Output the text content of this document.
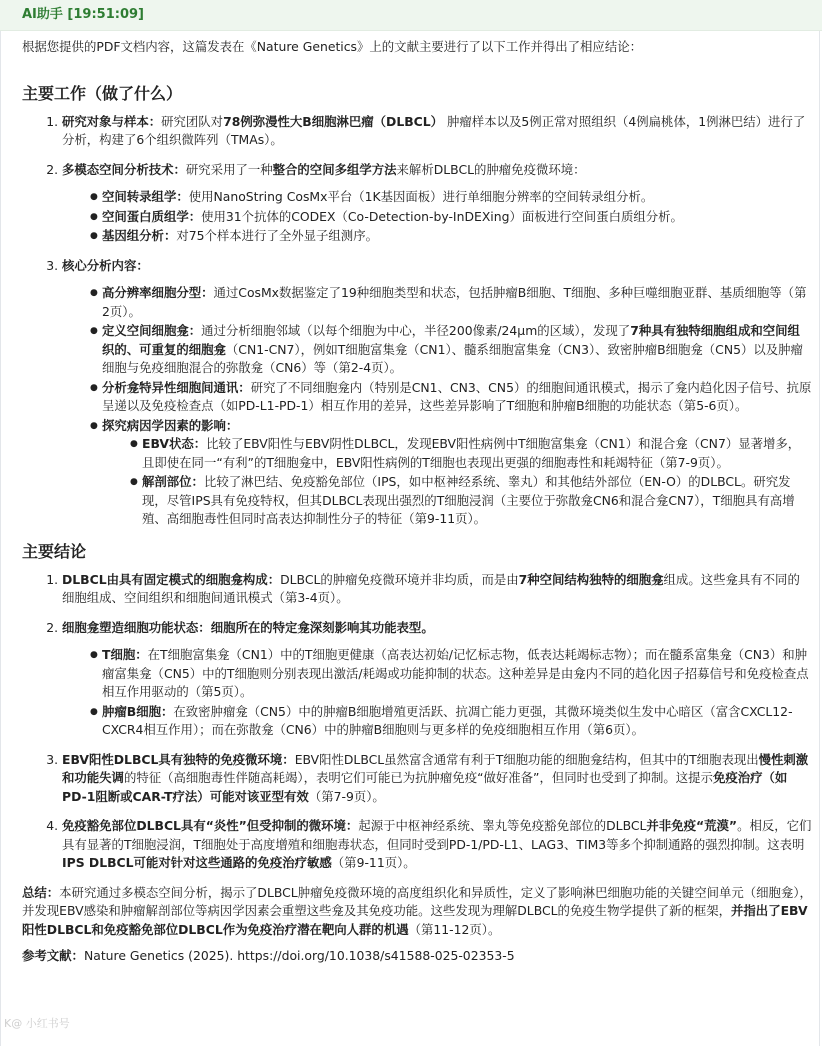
AI助手 [19:51:09]

根据您提供的PDF文档内容，这篇发表在《Nature Genetics》上的文献主要进行了以下工作并得出了相应结论：

主要工作（做了什么）
1. 研究对象与样本：研究团队对78例弥漫性大B细胞淋巴瘤（DLBCL） 肿瘤样本以及5例正常对照组织（4例扁桃体，1例淋巴结）进行了分析，构建了6个组织微阵列（TMAs）。
2. 多模态空间分析技术：研究采用了一种整合的空间多组学方法来解析DLBCL的肿瘤免疫微环境：
● 空间转录组学：使用NanoString CosMx平台（1K基因面板）进行单细胞分辨率的空间转录组分析。
● 空间蛋白质组学：使用31个抗体的CODEX（Co-Detection-by-InDEXing）面板进行空间蛋白质组分析。
● 基因组分析：对75个样本进行了全外显子组测序。
3. 核心分析内容：
● 高分辨率细胞分型：通过CosMx数据鉴定了19种细胞类型和状态，包括肿瘤B细胞、T细胞、多种巨噬细胞亚群、基质细胞等（第2页）。
● 定义空间细胞龛：通过分析细胞邻域（以每个细胞为中心，半径200像素/24μm的区域），发现了7种具有独特细胞组成和空间组织的、可重复的细胞龛（CN1-CN7），例如T细胞富集龛（CN1）、髓系细胞富集龛（CN3）、致密肿瘤B细胞龛（CN5）以及肿瘤细胞与免疫细胞混合的弥散龛（CN6）等（第2-4页）。
● 分析龛特异性细胞间通讯：研究了不同细胞龛内（特别是CN1、CN3、CN5）的细胞间通讯模式，揭示了龛内趋化因子信号、抗原呈递以及免疫检查点（如PD-L1-PD-1）相互作用的差异，这些差异影响了T细胞和肿瘤B细胞的功能状态（第5-6页）。
● 探究病因学因素的影响：
● EBV状态：比较了EBV阳性与EBV阴性DLBCL，发现EBV阳性病例中T细胞富集龛（CN1）和混合龛（CN7）显著增多，且即使在同一“有利”的T细胞龛中，EBV阳性病例的T细胞也表现出更强的细胞毒性和耗竭特征（第7-9页）。
● 解剖部位：比较了淋巴结、免疫豁免部位（IPS，如中枢神经系统、睾丸）和其他结外部位（EN-O）的DLBCL。研究发现，尽管IPS具有免疫特权，但其DLBCL表现出强烈的T细胞浸润（主要位于弥散龛CN6和混合龛CN7），T细胞具有高增殖、高细胞毒性但同时高表达抑制性分子的特征（第9-11页）。
主要结论
1. DLBCL由具有固定模式的细胞龛构成：DLBCL的肿瘤免疫微环境并非均质，而是由7种空间结构独特的细胞龛组成。这些龛具有不同的细胞组成、空间组织和细胞间通讯模式（第3-4页）。
2. 细胞龛塑造细胞功能状态：细胞所在的特定龛深刻影响其功能表型。
● T细胞：在T细胞富集龛（CN1）中的T细胞更健康（高表达初始/记忆标志物，低表达耗竭标志物）；而在髓系富集龛（CN3）和肿瘤富集龛（CN5）中的T细胞则分别表现出激活/耗竭或功能抑制的状态。这种差异是由龛内不同的趋化因子招募信号和免疫检查点相互作用驱动的（第5页）。
● 肿瘤B细胞：在致密肿瘤龛（CN5）中的肿瘤B细胞增殖更活跃、抗凋亡能力更强，其微环境类似生发中心暗区（富含CXCL12-CXCR4相互作用）；而在弥散龛（CN6）中的肿瘤B细胞则与更多样的免疫细胞相互作用（第6页）。
3. EBV阳性DLBCL具有独特的免疫微环境：EBV阳性DLBCL虽然富含通常有利于T细胞功能的细胞龛结构，但其中的T细胞表现出慢性刺激和功能失调的特征（高细胞毒性伴随高耗竭），表明它们可能已为抗肿瘤免疫“做好准备”，但同时也受到了抑制。这提示免疫治疗（如PD-1阻断或CAR-T疗法）可能对该亚型有效（第7-9页）。
4. 免疫豁免部位DLBCL具有“炎性”但受抑制的微环境：起源于中枢神经系统、睾丸等免疫豁免部位的DLBCL并非免疫“荒漠”。相反，它们具有显著的T细胞浸润，T细胞处于高度增殖和细胞毒状态，但同时受到PD-1/PD-L1、LAG3、TIM3等多个抑制通路的强烈抑制。这表明IPS DLBCL可能对针对这些通路的免疫治疗敏感（第9-11页）。

总结：本研究通过多模态空间分析，揭示了DLBCL肿瘤免疫微环境的高度组织化和异质性，定义了影响淋巴细胞功能的关键空间单元（细胞龛），并发现EBV感染和肿瘤解剖部位等病因学因素会重塑这些龛及其免疫功能。这些发现为理解DLBCL的免疫生物学提供了新的框架，并指出了EBV阳性DLBCL和免疫豁免部位DLBCL作为免疫治疗潜在靶向人群的机遇（第11-12页）。

参考文献：Nature Genetics (2025). https://doi.org/10.1038/s41588-025-02353-5

K@ 小红书号
